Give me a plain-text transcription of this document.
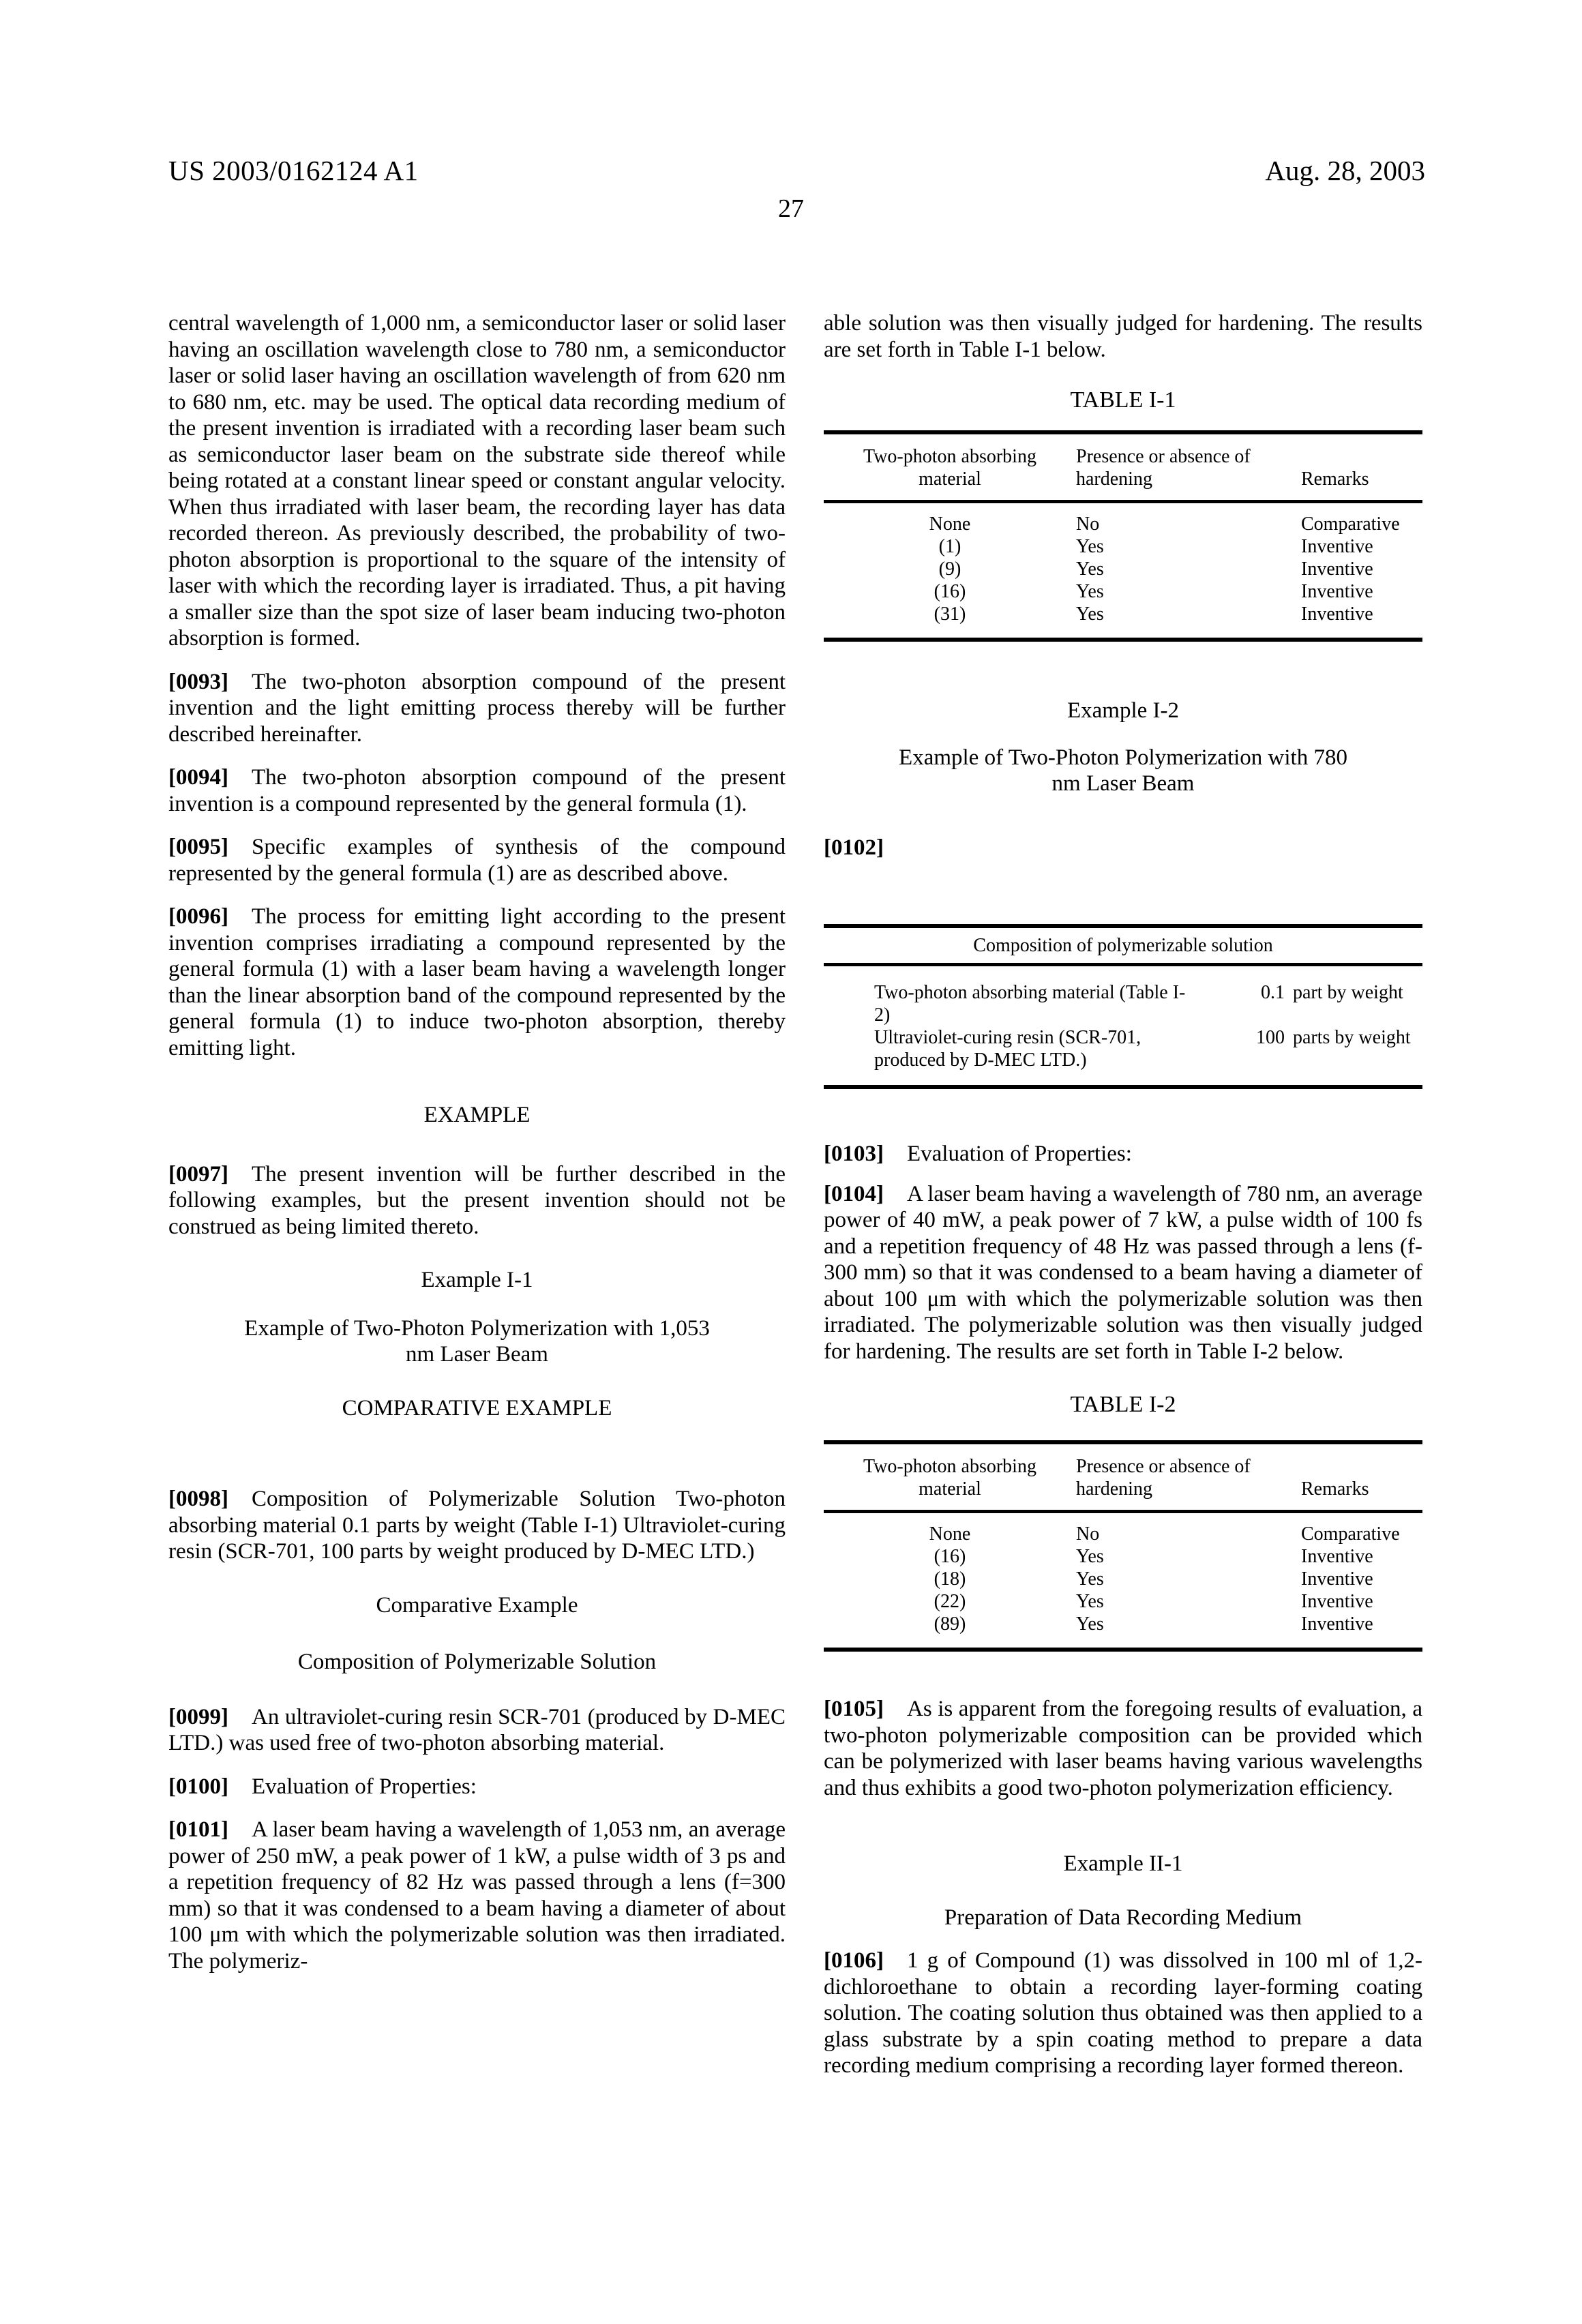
US 2003/0162124 A1	Aug. 28, 2003
27

central wavelength of 1,000 nm, a semiconductor laser or solid laser having an oscillation wavelength close to 780 nm, a semiconductor laser or solid laser having an oscillation wavelength of from 620 nm to 680 nm, etc. may be used. The optical data recording medium of the present invention is irradiated with a recording laser beam such as semiconductor laser beam on the substrate side thereof while being rotated at a constant linear speed or constant angular velocity. When thus irradiated with laser beam, the recording layer has data recorded thereon. As previously described, the probability of two-photon absorption is proportional to the square of the intensity of laser with which the recording layer is irradiated. Thus, a pit having a smaller size than the spot size of laser beam inducing two-photon absorption is formed.

[0093] The two-photon absorption compound of the present invention and the light emitting process thereby will be further described hereinafter.

[0094] The two-photon absorption compound of the present invention is a compound represented by the general formula (1).

[0095] Specific examples of synthesis of the compound represented by the general formula (1) are as described above.

[0096] The process for emitting light according to the present invention comprises irradiating a compound represented by the general formula (1) with a laser beam having a wavelength longer than the linear absorption band of the compound represented by the general formula (1) to induce two-photon absorption, thereby emitting light.

EXAMPLE

[0097] The present invention will be further described in the following examples, but the present invention should not be construed as being limited thereto.

Example I-1
Example of Two-Photon Polymerization with 1,053
nm Laser Beam
COMPARATIVE EXAMPLE

[0098] Composition of Polymerizable Solution Two-photon absorbing material 0.1 parts by weight (Table I-1) Ultraviolet-curing resin (SCR-701, 100 parts by weight produced by D-MEC LTD.)

Comparative Example
Composition of Polymerizable Solution

[0099] An ultraviolet-curing resin SCR-701 (produced by D-MEC LTD.) was used free of two-photon absorbing material.

[0100] Evaluation of Properties:

[0101] A laser beam having a wavelength of 1,053 nm, an average power of 250 mW, a peak power of 1 kW, a pulse width of 3 ps and a repetition frequency of 82 Hz was passed through a lens (f=300 mm) so that it was condensed to a beam having a diameter of about 100 μm with which the polymerizable solution was then irradiated. The polymeriz-

able solution was then visually judged for hardening. The results are set forth in Table I-1 below.

TABLE I-1
Two-photon absorbing material
Presence or absence of hardening	Remarks
None	No	Comparative
(1)	Yes	Inventive
(9)	Yes	Inventive
(16)	Yes	Inventive
(31)	Yes	Inventive
Example I-2
Example of Two-Photon Polymerization with 780
nm Laser Beam

[0102]

Composition of polymerizable solution
Two-photon absorbing material (Table I-2)
0.1 part by weight
Ultraviolet-curing resin (SCR-701, produced by D-MEC LTD.)
100 parts by weight

[0103] Evaluation of Properties:

[0104] A laser beam having a wavelength of 780 nm, an average power of 40 mW, a peak power of 7 kW, a pulse width of 100 fs and a repetition frequency of 48 Hz was passed through a lens (f-300 mm) so that it was condensed to a beam having a diameter of about 100 μm with which the polymerizable solution was then irradiated. The polymerizable solution was then visually judged for hardening. The results are set forth in Table I-2 below.

TABLE I-2
Two-photon absorbing material
Presence or absence of hardening	Remarks
None	No	Comparative
(16)	Yes	Inventive
(18)	Yes	Inventive
(22)	Yes	Inventive
(89)	Yes	Inventive

[0105] As is apparent from the foregoing results of evaluation, a two-photon polymerizable composition can be provided which can be polymerized with laser beams having various wavelengths and thus exhibits a good two-photon polymerization efficiency.

Example II-1
Preparation of Data Recording Medium

[0106] 1 g of Compound (1) was dissolved in 100 ml of 1,2-dichloroethane to obtain a recording layer-forming coating solution. The coating solution thus obtained was then applied to a glass substrate by a spin coating method to prepare a data recording medium comprising a recording layer formed thereon.
